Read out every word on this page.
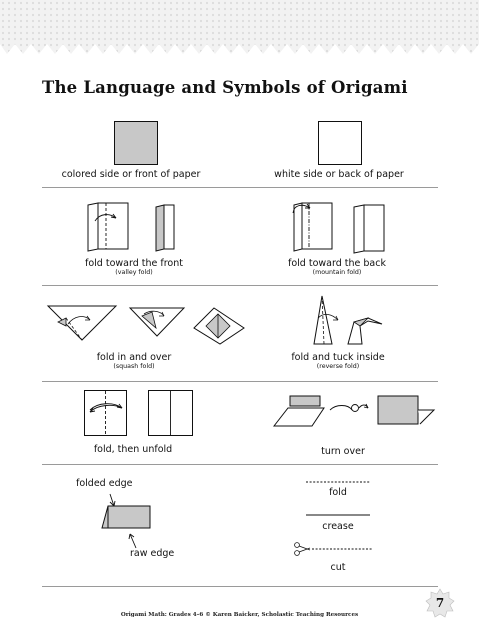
The Language and Symbols of Origami
colored side or front of paper	white side or back of paper
fold toward the front
(valley fold)
fold toward the back
(mountain fold)
fold in and over
(squash fold)
fold and tuck inside
(reverse fold)
fold, then unfold	turn over
folded edge
raw edge
fold
crease
cut
7
Origami Math: Grades 4–6 © Karen Baicker, Scholastic Teaching Resources
